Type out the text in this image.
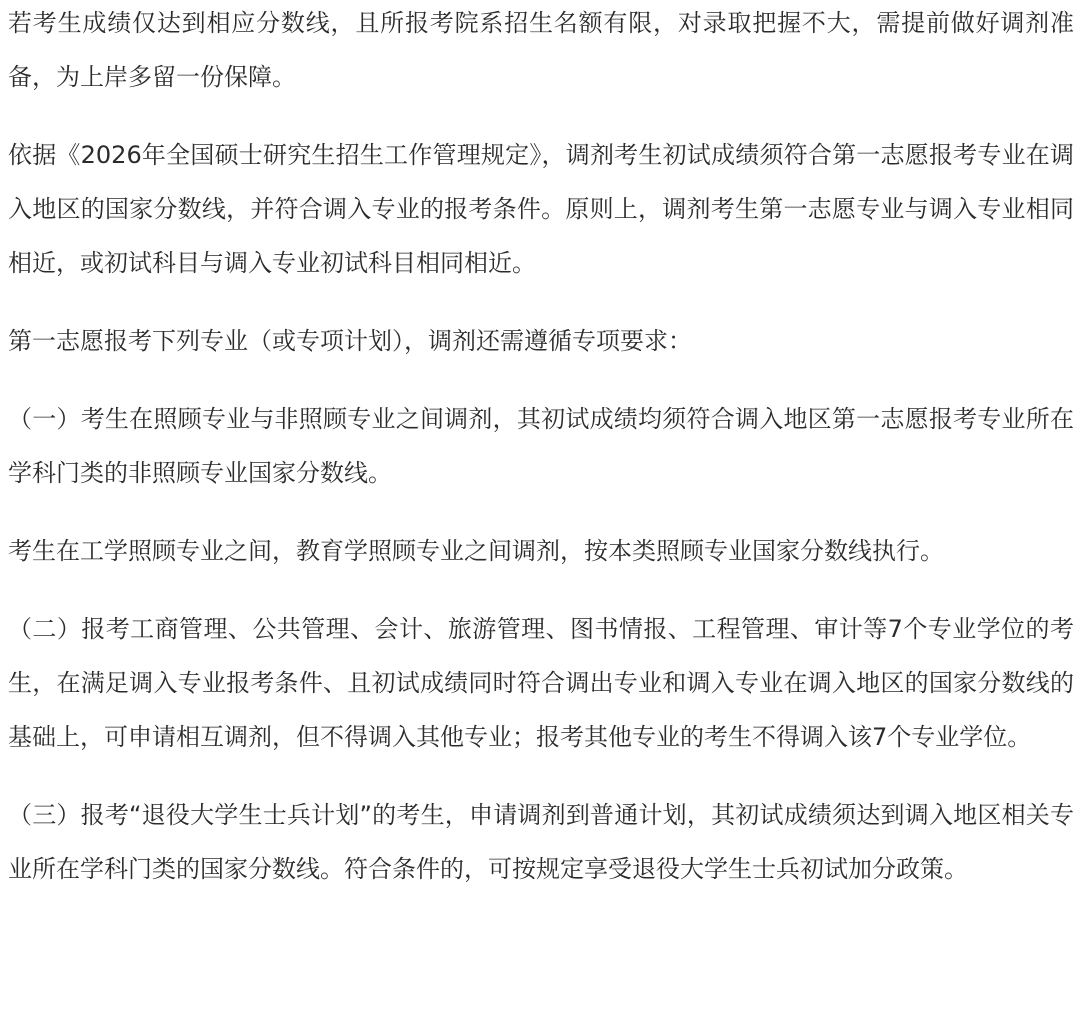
若考生成绩仅达到相应分数线，且所报考院系招生名额有限，对录取把握不大，需提前做好调剂准备，为上岸多留一份保障。

依据《2026年全国硕士研究生招生工作管理规定》，调剂考生初试成绩须符合第一志愿报考专业在调入地区的国家分数线，并符合调入专业的报考条件。原则上，调剂考生第一志愿专业与调入专业相同相近，或初试科目与调入专业初试科目相同相近。

第一志愿报考下列专业（或专项计划），调剂还需遵循专项要求：

（一）考生在照顾专业与非照顾专业之间调剂，其初试成绩均须符合调入地区第一志愿报考专业所在学科门类的非照顾专业国家分数线。

考生在工学照顾专业之间，教育学照顾专业之间调剂，按本类照顾专业国家分数线执行。

（二）报考工商管理、公共管理、会计、旅游管理、图书情报、工程管理、审计等7个专业学位的考生，在满足调入专业报考条件、且初试成绩同时符合调出专业和调入专业在调入地区的国家分数线的基础上，可申请相互调剂，但不得调入其他专业；报考其他专业的考生不得调入该7个专业学位。

（三）报考“退役大学生士兵计划”的考生，申请调剂到普通计划，其初试成绩须达到调入地区相关专业所在学科门类的国家分数线。符合条件的，可按规定享受退役大学生士兵初试加分政策。
